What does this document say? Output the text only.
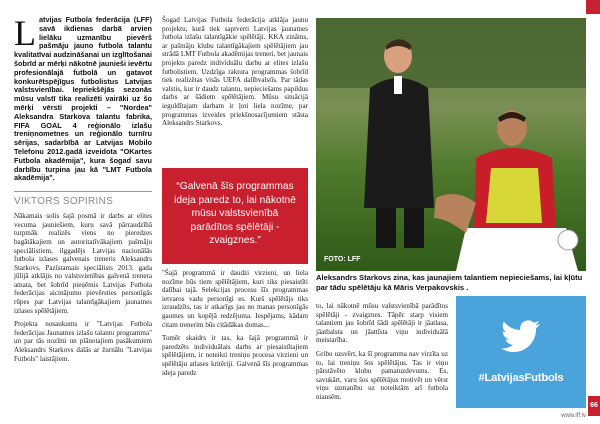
Latvijas Futbola federācija (LFF) savā ikdienas darbā arvien lielāku uzmanību pievērš pašmāju jauno futbola talantu kvalitatīvai audzināšanai un izglītošanai šobrīd ar mērķi nākotnē jaunieši ievērtu profesionālajā futbolā un gatavot konkurētspējīgus futbolistus Latvijas valstsvienībai. Iepriekšējās sezonās mūsu valstī tika realizēti vairāki uz šo mērķi vērsti projekti – "Nordea" Aleksandra Starkova talantu fabrika, FIFA GOAL 4 reģionālo izlašu treniņnometnes un reģionālo turnīru sērijas, sadarbībā ar Latvijas Mobilo Telefonu 2012.gadā izveidota "OKartes Futbola akadēmija", kura šogad savu darbību turpina jau kā "LMT Futbola akadēmija".
VIKTORS SOPIRINS

Nākamais solis šajā posmā ir darbs ar elites vecuma jauniešiem, kuru savā pārraudzībā turpmāk realizēs viens no pieredzes bagātākajiem un autoritatīvākajiem pašmāju speciālistiem, ilggadējs Latvijas nacionālās futbola izlases galvenais treneris Aleksandrs Starkovs. Pazīstamais speciālists 2013. gada jūlijā atklājis no valstsvienības galvenā trenera amata, bet šobrīd pieņēmis Latvijas Futbola federācijas aicinājumu pievērsties personīgās rūpes par Latvijas talantīgākajiem jaunatnes izlases spēlētājiem.

Projekta nosaukums ir "Latvijas Futbola federācijas Jaunatnes izlašu talantu programma" un par tās nozīmi un plānotajiem pasākumiem Aleksandrs Starkovs dalās ar žurnālu "Latvijas Futbols" laistājiem.

Šogad Latvijas Futbola federācija atklāja jaunu projektu, kurā tiek saptverti Latvijas jaunatnes futbola izlašu talantīgākie spēlētāji. KKA zināms, ar pašmāju klubu talantīgākajiem spēlētājiem jau strādā LMT Futbola akadēmijas treneri, bet jaunais projekts paredz individuālu darbu ar elites izlašu futbolistiem. Uzdzīga raktura programmas šobrīd tiek realizētas visās UEFA dalībvalstīs. Par tādas valstis, kur ir daudz talantu, nepieciešams papildus darbs ar šādiem spēlētājiem. Mūsu situācijā ieguldītajam darbam ir ļoti liela nozīme, par programmas izveides priekšnosacījumiem stāsta Aleksandrs Starkovs.

“Galvenā šīs programmas ideja paredz to, lai nākotnē mūsu valstsvienībā parādītos spēlētāji - zvaigznes.”

"Šajā programmā ir daudzi virzieni, un liela nozīme būs tiem spēlētājiem, kuri tiks piesaistīti dalībai tajā. Selekcijas procesu šīs programmas ietvaros vadu personīgi es. Kurš spēlētājs tiks izraudzīts, tas ir atkarīgs jau no manas personīgās gaumes un kopējā redzējuma. Iespējams, kādam citam trenerim būs citādākas domas...

Tomēr skaidrs ir tas, ka šajā programmā ir paredzēts individuālais darbs ar piesaistītajiem spēlētājiem, ir noteikti treniņu procesa virzieni un spēlētāju atlases kritēriji. Galvenā šīs programmas ideja paredz

FOTO: LFF
Aleksandrs Starkovs zina, kas jaunajiem talantiem nepieciešams, lai kļūtu par tādu spēlētāju kā Māris Verpakovskis .

to, lai nākotnē mūsu valstsvienībā parādītos spēlētāji - zvaigznes. Tāpēc starp visiem talantiem jau šobrīd šādi spēlētāji ir jāatlasa, jāatbalsta un jāattīsta viņu individuālā meistarība.

Gribu uzsvērt, ka šī programma nav virzīta uz to, lai treniņu šos spēlētājus. Tas ir viņu pārstāvēto klubu pamatuzdevums. Es, savukārt, varu šos spēlētājus motivēt un vērst viņu uzmanību uz noteiktām arī futbola niansēm.

#LatvijasFutbols
66
www.lff.lv
